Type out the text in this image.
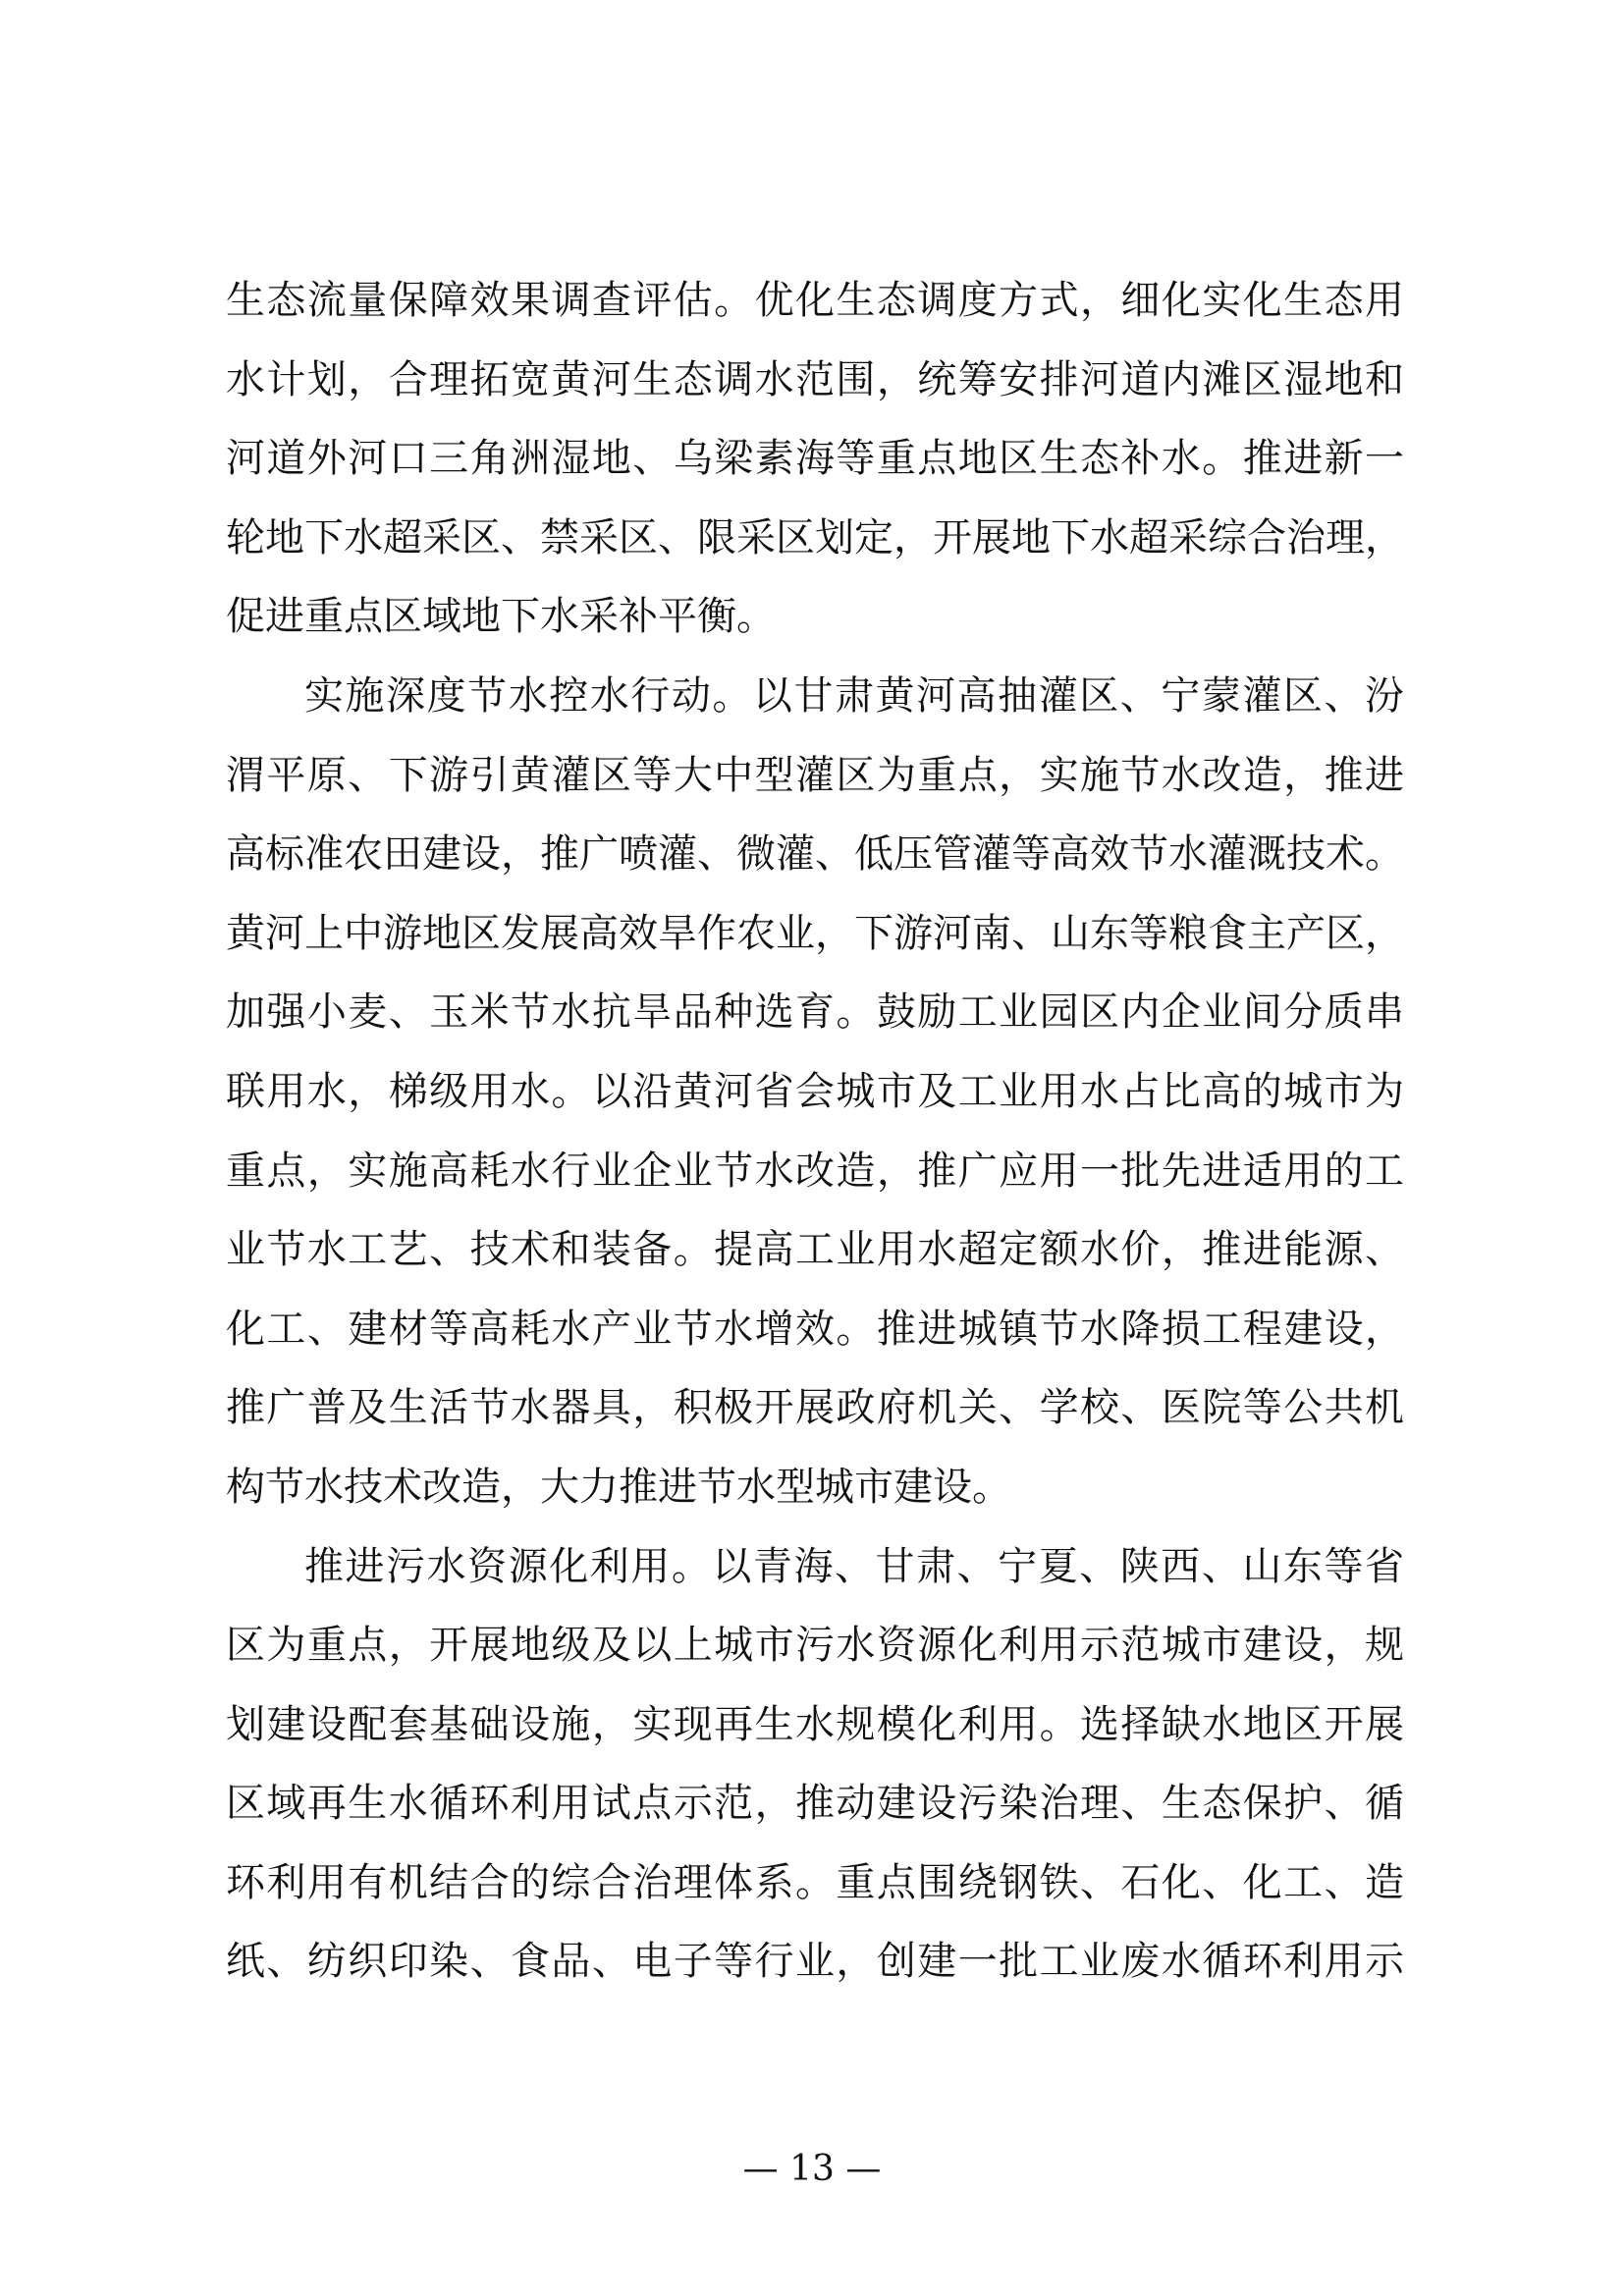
生态流量保障效果调查评估。优化生态调度方式，细化实化生态用
水计划，合理拓宽黄河生态调水范围，统筹安排河道内滩区湿地和
河道外河口三角洲湿地、乌梁素海等重点地区生态补水。推进新一
轮地下水超采区、禁采区、限采区划定，开展地下水超采综合治理，
促进重点区域地下水采补平衡。
实施深度节水控水行动。以甘肃黄河高抽灌区、宁蒙灌区、汾
渭平原、下游引黄灌区等大中型灌区为重点，实施节水改造，推进
高标准农田建设，推广喷灌、微灌、低压管灌等高效节水灌溉技术。
黄河上中游地区发展高效旱作农业，下游河南、山东等粮食主产区，
加强小麦、玉米节水抗旱品种选育。鼓励工业园区内企业间分质串
联用水，梯级用水。以沿黄河省会城市及工业用水占比高的城市为
重点，实施高耗水行业企业节水改造，推广应用一批先进适用的工
业节水工艺、技术和装备。提高工业用水超定额水价，推进能源、
化工、建材等高耗水产业节水增效。推进城镇节水降损工程建设，
推广普及生活节水器具，积极开展政府机关、学校、医院等公共机
构节水技术改造，大力推进节水型城市建设。
推进污水资源化利用。以青海、甘肃、宁夏、陕西、山东等省
区为重点，开展地级及以上城市污水资源化利用示范城市建设，规
划建设配套基础设施，实现再生水规模化利用。选择缺水地区开展
区域再生水循环利用试点示范，推动建设污染治理、生态保护、循
环利用有机结合的综合治理体系。重点围绕钢铁、石化、化工、造
纸、纺织印染、食品、电子等行业，创建一批工业废水循环利用示
— 13 —
